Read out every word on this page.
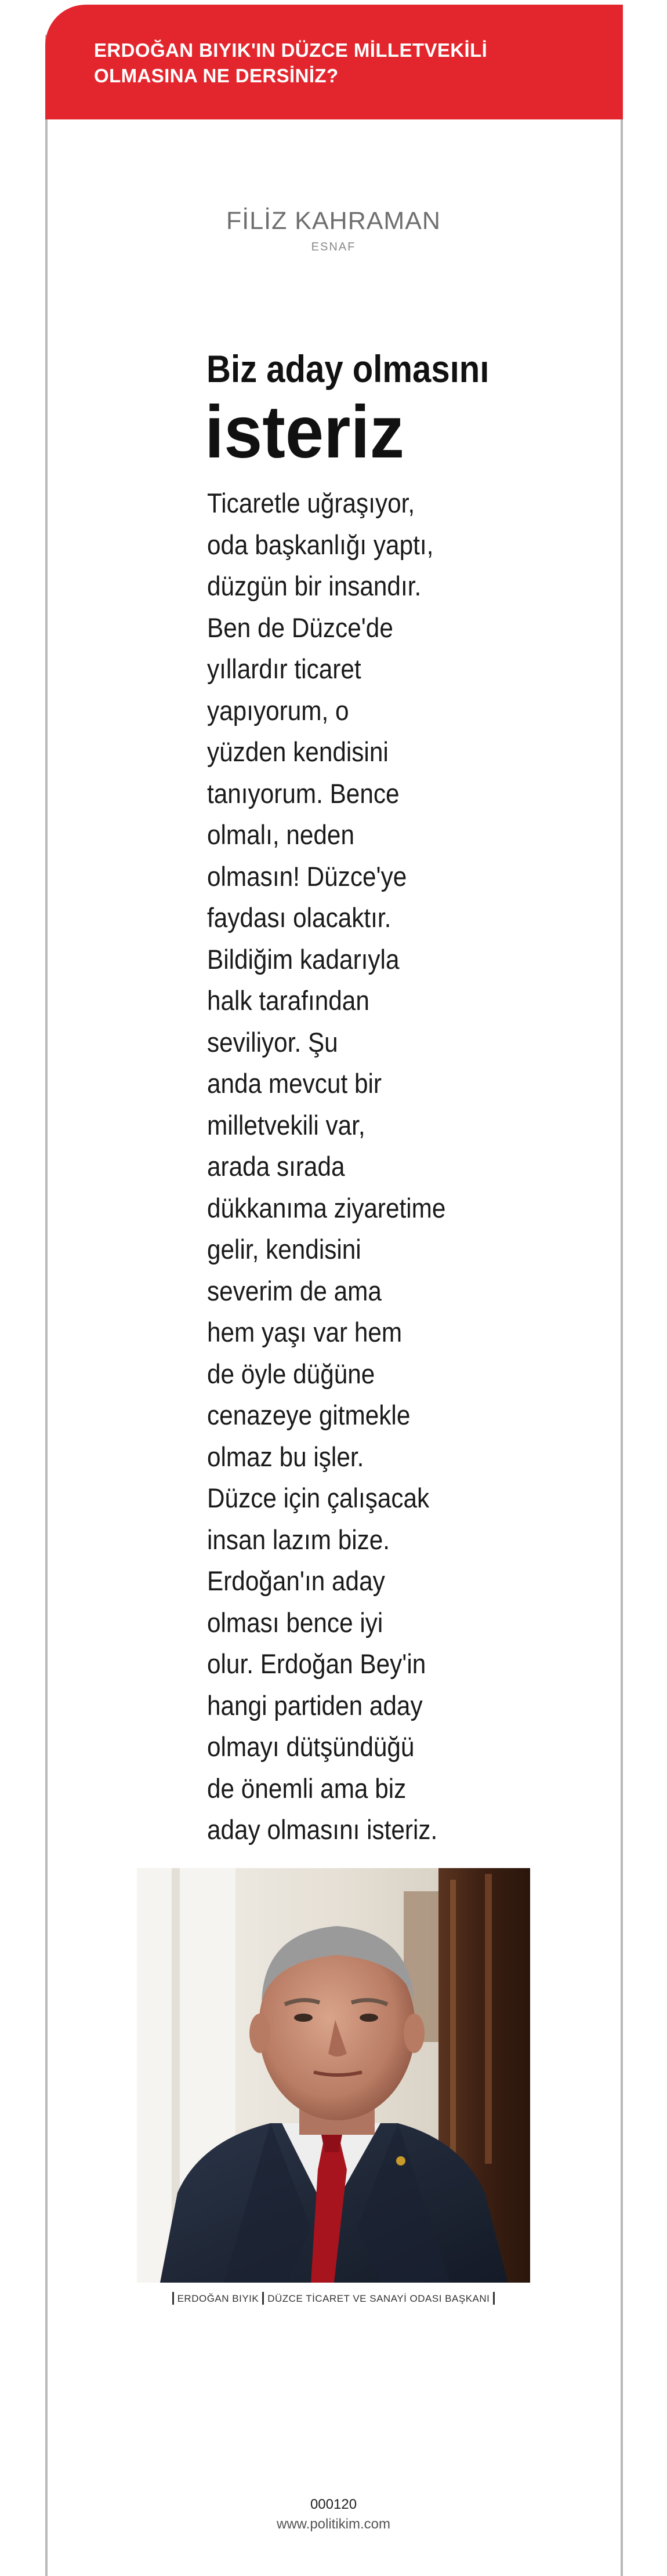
ERDOĞAN BIYIK'IN DÜZCE MİLLETVEKİLİ
OLMASINA NE DERSİNİZ?
FİLİZ KAHRAMAN
ESNAF
Biz aday olmasını
isteriz
Ticaretle uğraşıyor,
oda başkanlığı yaptı,
düzgün bir insandır.
Ben de Düzce'de
yıllardır ticaret
yapıyorum, o
yüzden kendisini
tanıyorum. Bence
olmalı, neden
olmasın! Düzce'ye
faydası olacaktır.
Bildiğim kadarıyla
halk tarafından
seviliyor. Şu
anda mevcut bir
milletvekili var,
arada sırada
dükkanıma ziyaretime
gelir, kendisini
severim de ama
hem yaşı var hem
de öyle düğüne
cenazeye gitmekle
olmaz bu işler.
Düzce için çalışacak
insan lazım bize.
Erdoğan'ın aday
olması bence iyi
olur. Erdoğan Bey'in
hangi partiden aday
olmayı dütşündüğü
de önemli ama biz
aday olmasını isteriz.
ERDOĞAN BIYIK DÜZCE TİCARET VE SANAYİ ODASI BAŞKANI
000120
www.politikim.com
